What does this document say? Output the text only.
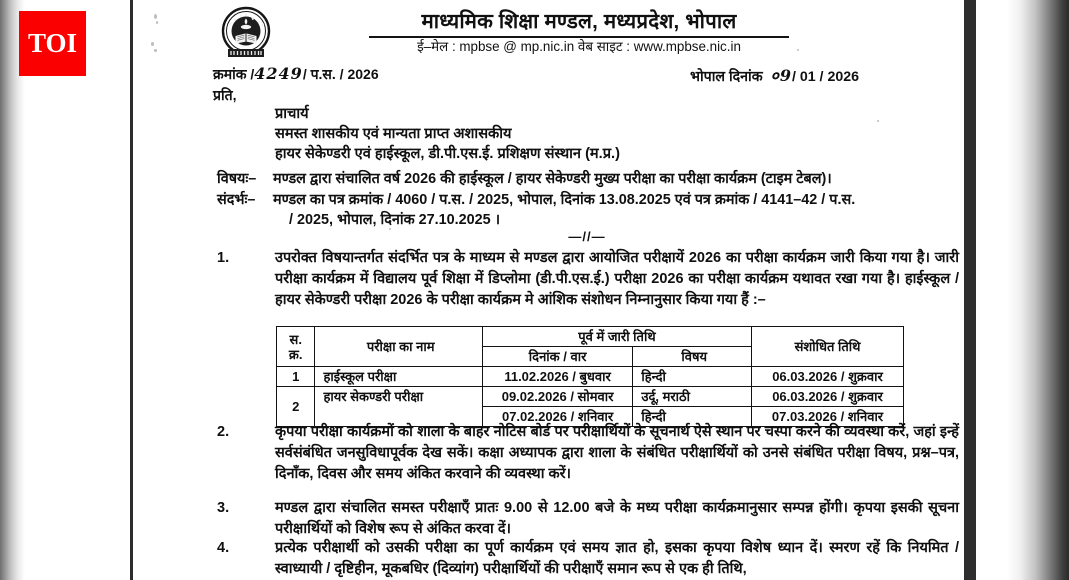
माध्यमिक शिक्षा मण्डल, मध्यप्रदेश, भोपाल
ई–मेल : mpbse @ mp.nic.in वेब साइट : www.mpbse.nic.in
क्रमांक /4249/ प.स. / 2026	भोपाल दिनांक ०9/ 01 / 2026
प्रति,
प्राचार्य
समस्त शासकीय एवं मान्यता प्राप्त अशासकीय
हायर सेकेण्डरी एवं हाईस्कूल, डी.पी.एस.ई. प्रशिक्षण संस्थान (म.प्र.)
विषयः–	मण्डल द्वारा संचालित वर्ष 2026 की हाईस्कूल / हायर सेकेण्डरी मुख्य परीक्षा का परीक्षा कार्यक्रम (टाइम टेबल)।
संदर्भः–	मण्डल का पत्र क्रमांक / 4060 / प.स. / 2025, भोपाल, दिनांक 13.08.2025 एवं पत्र क्रमांक / 4141–42 / प.स.
/ 2025, भोपाल, दिनांक 27.10.2025 ।
—//—
1.	उपरोक्त विषयान्तर्गत संदर्भित पत्र के माध्यम से मण्डल द्वारा आयोजित परीक्षायें 2026 का परीक्षा कार्यक्रम जारी किया गया है। जारी परीक्षा कार्यक्रम में विद्यालय पूर्व शिक्षा में डिप्लोमा (डी.पी.एस.ई.) परीक्षा 2026 का परीक्षा कार्यक्रम यथावत रखा गया है। हाईस्कूल / हायर सेकेण्डरी परीक्षा 2026 के परीक्षा कार्यक्रम मे आंशिक संशोधन निम्नानुसार किया गया हैं :–
स.
क्र.	परीक्षा का नाम	पूर्व में जारी तिथि		संशोधित तिथि
		दिनांक / वार	विषय	
1	हाईस्कूल परीक्षा	11.02.2026 / बुधवार	हिन्दी	06.03.2026 / शुक्रवार
2	हायर सेकण्डरी परीक्षा	09.02.2026 / सोमवार	उर्दू, मराठी	06.03.2026 / शुक्रवार
		07.02.2026 / शनिवार	हिन्दी	07.03.2026 / शनिवार
2.	कृपया परीक्षा कार्यक्रमों को शाला के बाहर नोटिस बोर्ड पर परीक्षार्थियों के सूचनार्थ ऐसे स्थान पर चस्पा करने की व्यवस्था करें, जहां इन्हें सर्वसंबंधित जनसुविधापूर्वक देख सकें। कक्षा अध्यापक द्वारा शाला के संबंधित परीक्षार्थियों को उनसे संबंधित परीक्षा विषय, प्रश्न–पत्र, दिनाँक, दिवस और समय अंकित करवाने की व्यवस्था करें।
3.	मण्डल द्वारा संचालित समस्त परीक्षाएँ प्रातः 9.00 से 12.00 बजे के मध्य परीक्षा कार्यक्रमानुसार सम्पन्न होंगी। कृपया इसकी सूचना परीक्षार्थियों को विशेष रूप से अंकित करवा दें।
4.	प्रत्येक परीक्षार्थी को उसकी परीक्षा का पूर्ण कार्यक्रम एवं समय ज्ञात हो, इसका कृपया विशेष ध्यान दें। स्मरण रहें कि नियमित / स्वाध्यायी / दृष्टिहीन, मूकबधिर (दिव्यांग) परीक्षार्थियों की परीक्षाएँ समान रूप से एक ही तिथि,
TOI
